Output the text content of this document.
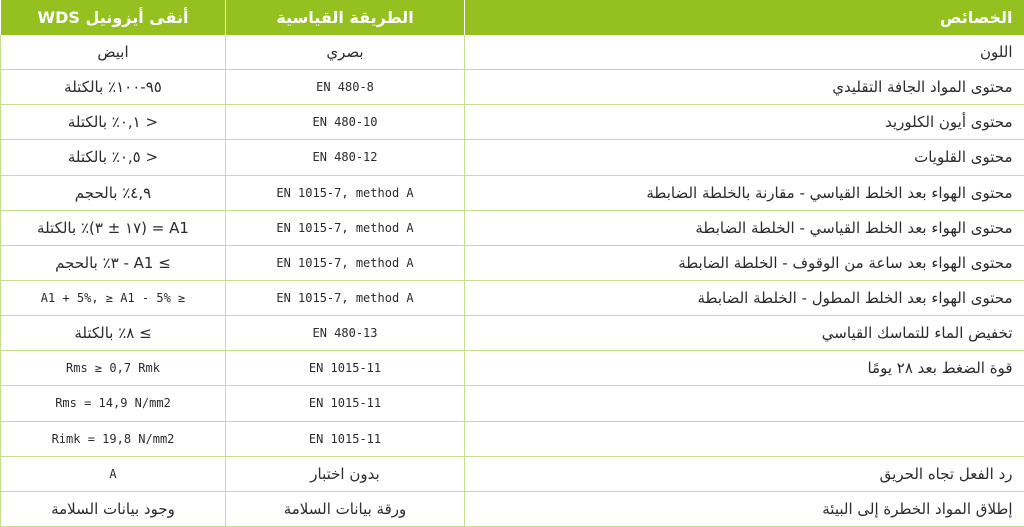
الخصائص	الطريقة القياسية	أنقى أيزونيل WDS
اللون	بصري	ابيض
محتوى المواد الجافة التقليدي	EN 480-8	٩٥-١٠٠٪ بالكتلة
محتوى أيون الكلوريد	EN 480-10	< ٠,١٪ بالكتلة
محتوى القلويات	EN 480-12	< ٠,٥٪ بالكتلة
محتوى الهواء بعد الخلط القياسي - مقارنة بالخلطة الضابطة	EN 1015-7, method A	٤,٩٪ بالحجم
محتوى الهواء بعد الخلط القياسي - الخلطة الضابطة	EN 1015-7, method A	A1 = (١٧ ± ٣)٪ بالكتلة
محتوى الهواء بعد ساعة من الوقوف - الخلطة الضابطة	EN 1015-7, method A	≥ A1 - ٣٪ بالحجم
محتوى الهواء بعد الخلط المطول - الخلطة الضابطة	EN 1015-7, method A	≤ A1 + 5%, ≥ A1 - 5%
تخفيض الماء للتماسك القياسي	EN 480-13	≥ ٨٪ بالكتلة
قوة الضغط بعد ٢٨ يومًا	EN 1015-11	Rms ≥ 0,7 Rmk
	EN 1015-11	Rms = 14,9 N/mm2
	EN 1015-11	Rimk = 19,8 N/mm2
رد الفعل تجاه الحريق	بدون اختبار	A
إطلاق المواد الخطرة إلى البيئة	ورقة بيانات السلامة	وجود بيانات السلامة
